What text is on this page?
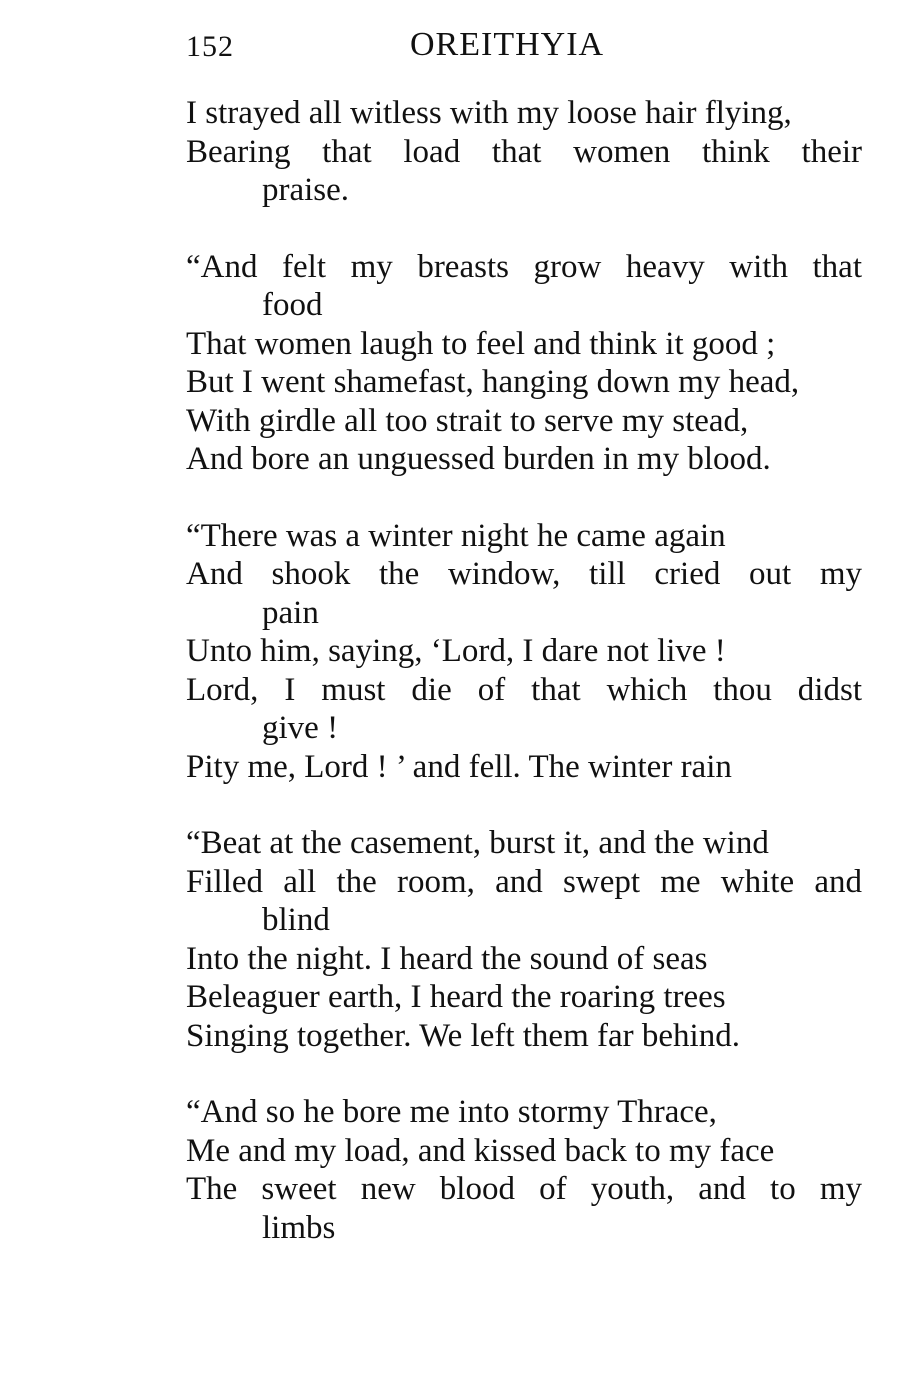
152	OREITHYIA
I strayed all witless with my loose hair flying,
Bearing that load that women think their
praise.
“And felt my breasts grow heavy with that
food
That women laugh to feel and think it good ;
But I went shamefast, hanging down my head,
With girdle all too strait to serve my stead,
And bore an unguessed burden in my blood.
“There was a winter night he came again
And shook the window, till cried out my
pain
Unto him, saying, ‘Lord, I dare not live !
Lord, I must die of that which thou didst
give !
Pity me, Lord ! ’ and fell. The winter rain
“Beat at the casement, burst it, and the wind
Filled all the room, and swept me white and
blind
Into the night. I heard the sound of seas
Beleaguer earth, I heard the roaring trees
Singing together. We left them far behind.
“And so he bore me into stormy Thrace,
Me and my load, and kissed back to my face
The sweet new blood of youth, and to my
limbs
